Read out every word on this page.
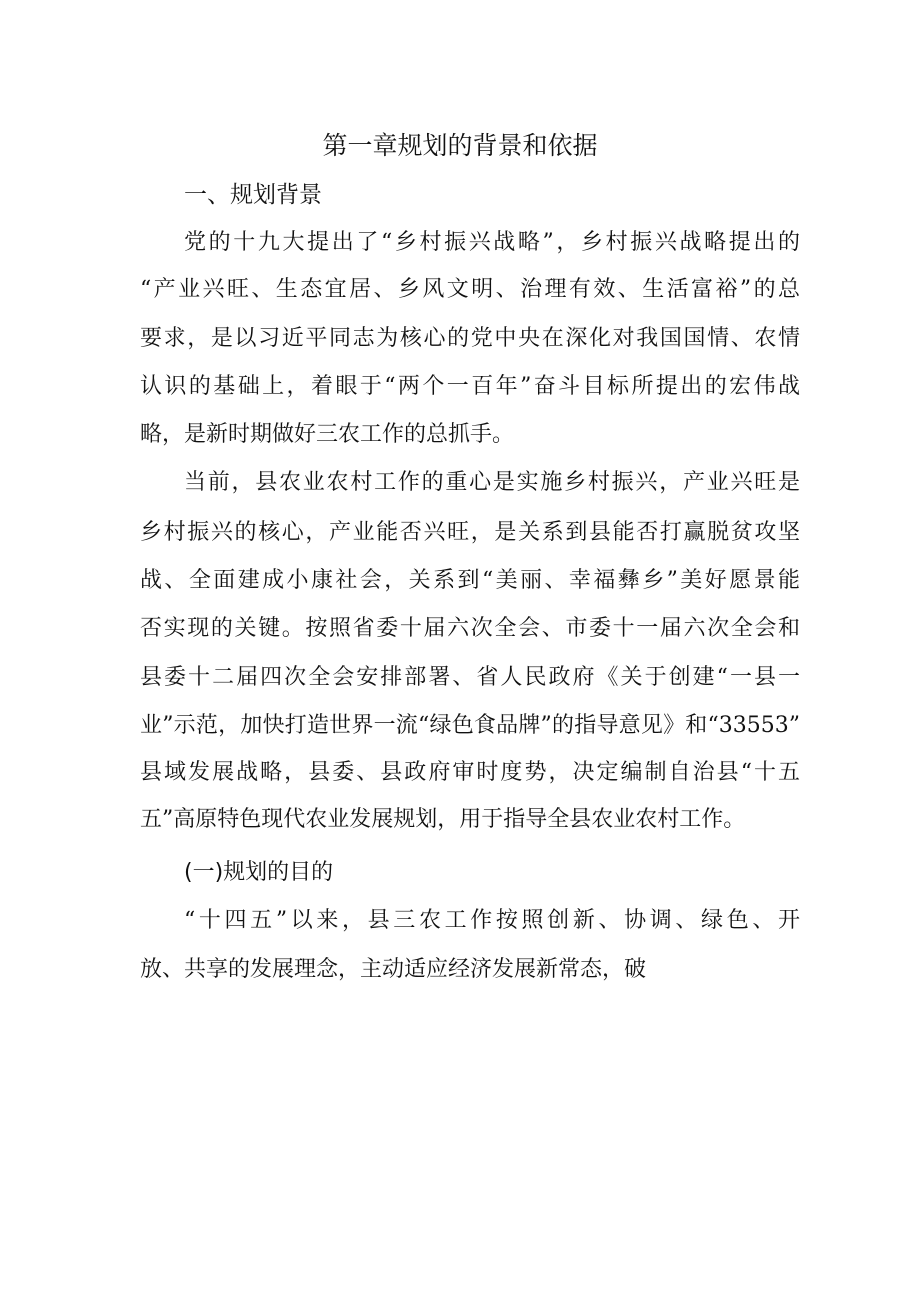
第一章规划的背景和依据
一、规划背景
党的十九大提出了“乡村振兴战略”，乡村振兴战略提出的
“产业兴旺、生态宜居、乡风文明、治理有效、生活富裕”的总
要求，是以习近平同志为核心的党中央在深化对我国国情、农情
认识的基础上，着眼于“两个一百年”奋斗目标所提出的宏伟战
略，是新时期做好三农工作的总抓手。
当前，县农业农村工作的重心是实施乡村振兴，产业兴旺是
乡村振兴的核心，产业能否兴旺，是关系到县能否打赢脱贫攻坚
战、全面建成小康社会，关系到“美丽、幸福彝乡”美好愿景能
否实现的关键。按照省委十届六次全会、市委十一届六次全会和
县委十二届四次全会安排部署、省人民政府《关于创建“一县一
业”示范，加快打造世界一流“绿色食品牌”的指导意见》和“33553”
县域发展战略，县委、县政府审时度势，决定编制自治县“十五
五”高原特色现代农业发展规划，用于指导全县农业农村工作。
(一)规划的目的
“十四五”以来，县三农工作按照创新、协调、绿色、开
放、共享的发展理念，主动适应经济发展新常态，破
